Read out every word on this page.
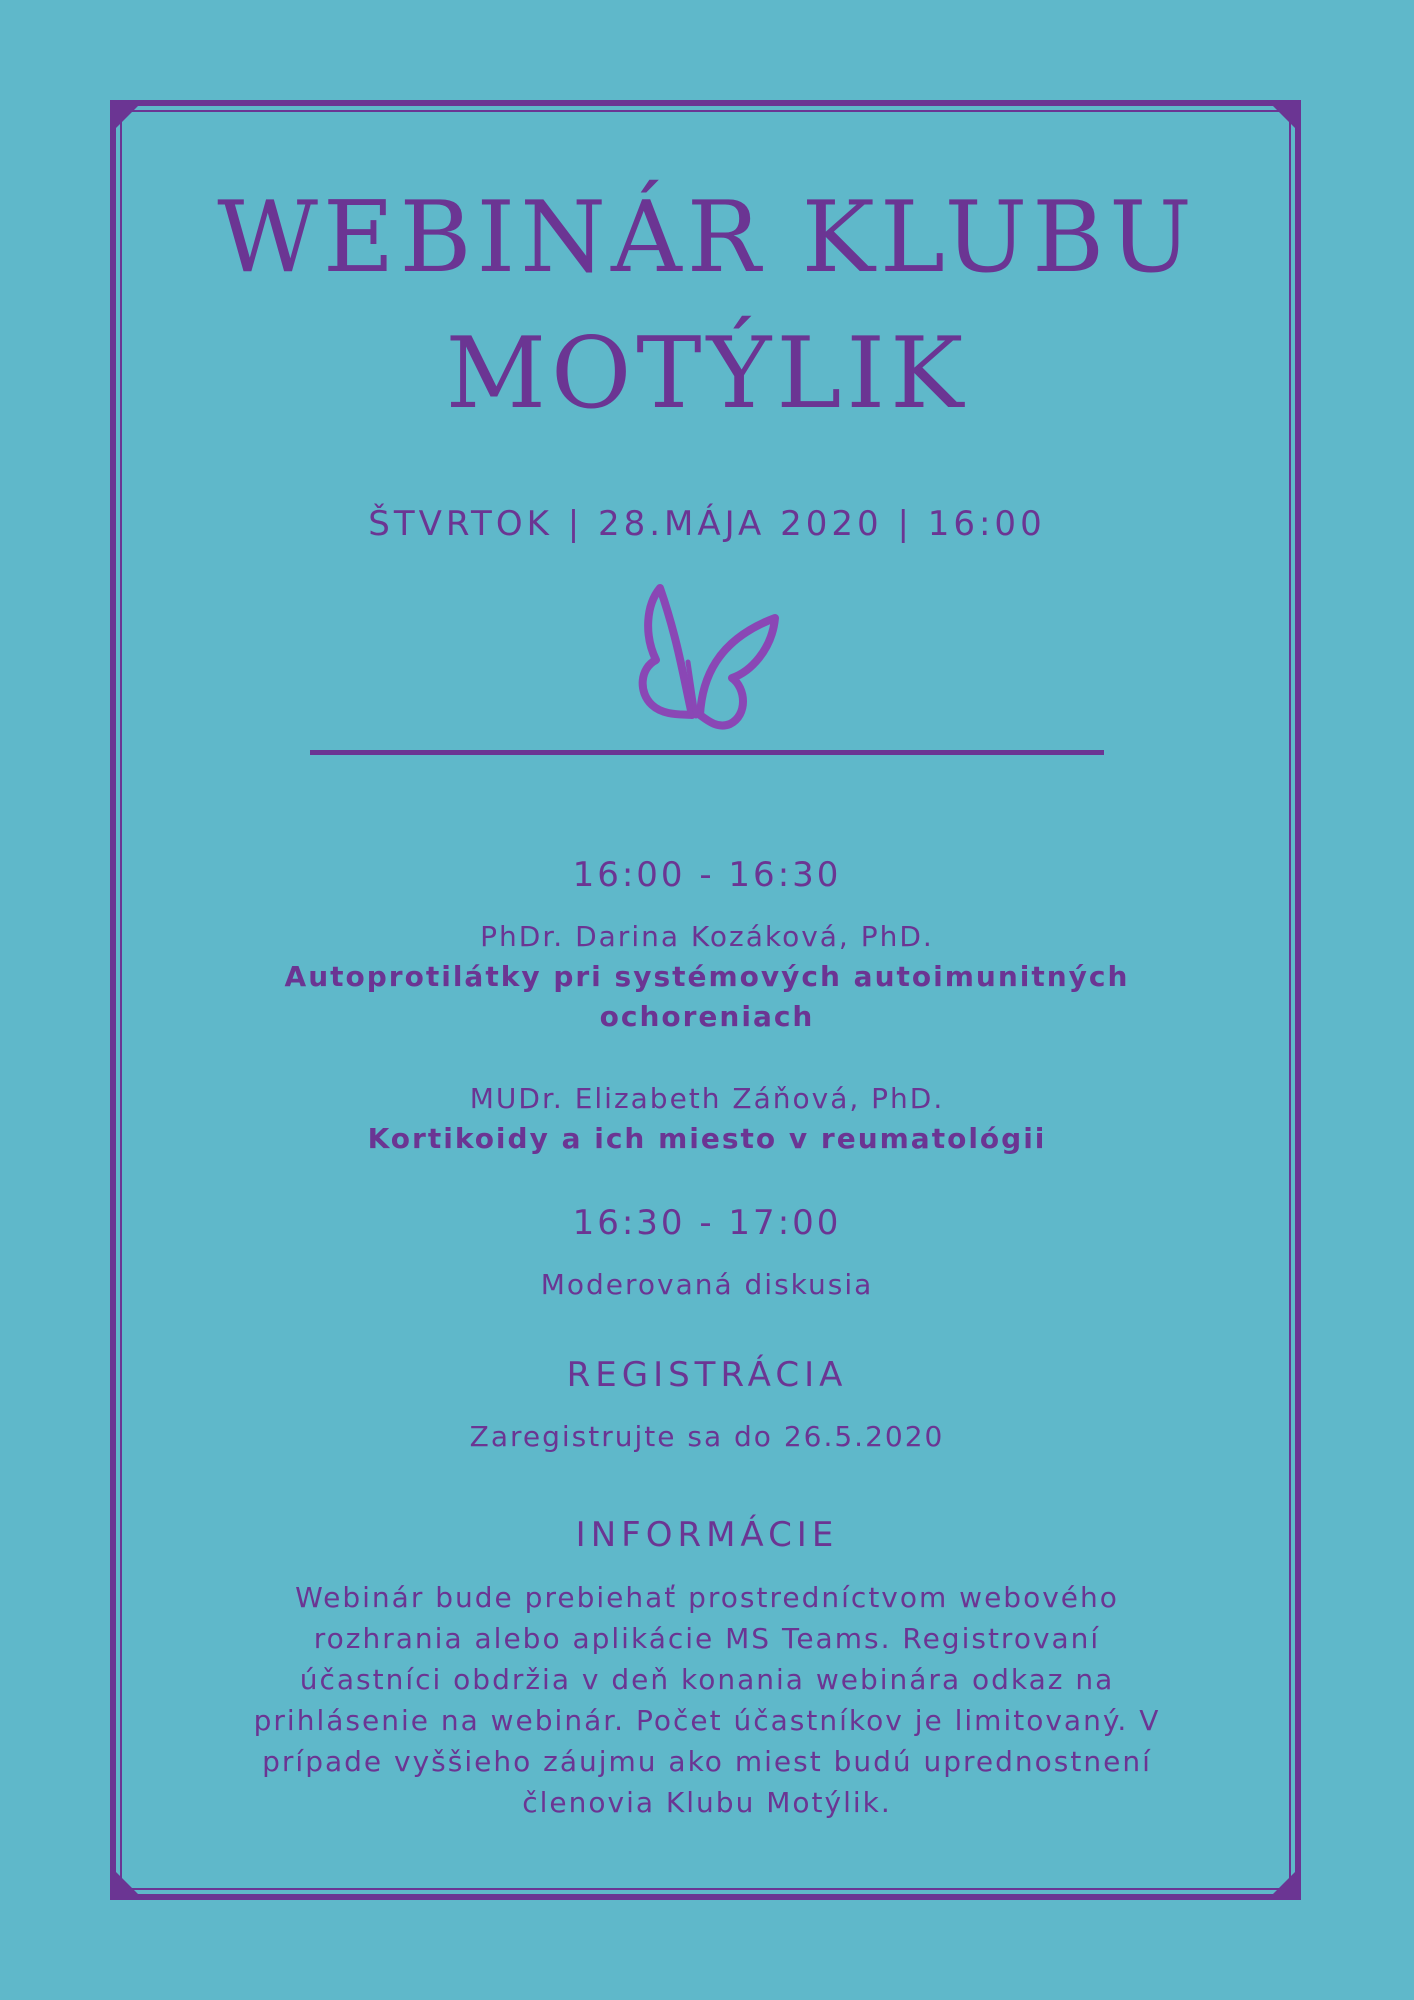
WEBINÁR KLUBU
MOTÝLIK
ŠTVRTOK | 28.MÁJA 2020 | 16:00
16:00 - 16:30
PhDr. Darina Kozáková, PhD.
Autoprotilátky pri systémových autoimunitných
ochoreniach
MUDr. Elizabeth Záňová, PhD.
Kortikoidy a ich miesto v reumatológii
16:30 - 17:00
Moderovaná diskusia
REGISTRÁCIA
Zaregistrujte sa do 26.5.2020
INFORMÁCIE
Webinár bude prebiehať prostredníctvom webového
rozhrania alebo aplikácie MS Teams. Registrovaní
účastníci obdržia v deň konania webinára odkaz na
prihlásenie na webinár. Počet účastníkov je limitovaný. V
prípade vyššieho záujmu ako miest budú uprednostnení
členovia Klubu Motýlik.
